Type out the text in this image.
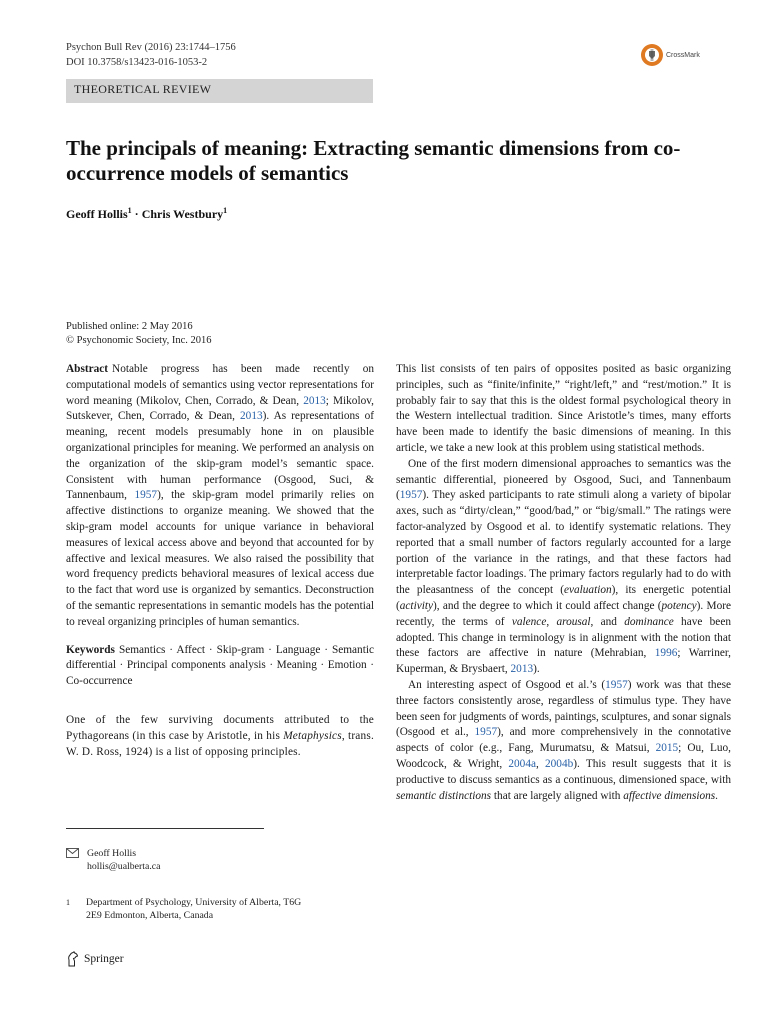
Psychon Bull Rev (2016) 23:1744–1756
DOI 10.3758/s13423-016-1053-2
CrossMark
THEORETICAL REVIEW
The principals of meaning: Extracting semantic dimensions from co-occurrence models of semantics
Geoff Hollis$^1$ · Chris Westbury$^1$
Published online: 2 May 2016
© Psychonomic Society, Inc. 2016

Abstract Notable progress has been made recently on computational models of semantics using vector representations for word meaning (Mikolov, Chen, Corrado, & Dean, 2013; Mikolov, Sutskever, Chen, Corrado, & Dean, 2013). As representations of meaning, recent models presumably hone in on plausible organizational principles for meaning. We performed an analysis on the organization of the skip-gram model’s semantic space. Consistent with human performance (Osgood, Suci, & Tannenbaum, 1957), the skip-gram model primarily relies on affective distinctions to organize meaning. We showed that the skip-gram model accounts for unique variance in behavioral measures of lexical access above and beyond that accounted for by affective and lexical measures. We also raised the possibility that word frequency predicts behavioral measures of lexical access due to the fact that word use is organized by semantics. Deconstruction of the semantic representations in semantic models has the potential to reveal organizing principles of human semantics.

Keywords Semantics · Affect · Skip-gram · Language · Semantic differential · Principal components analysis · Meaning · Emotion · Co-occurrence

One of the few surviving documents attributed to the Pythagoreans (in this case by Aristotle, in his Metaphysics, trans. W. D. Ross, 1924) is a list of opposing principles.

This list consists of ten pairs of opposites posited as basic organizing principles, such as “finite/infinite,” “right/left,” and “rest/motion.” It is probably fair to say that this is the oldest formal psychological theory in the Western intellectual tradition. Since Aristotle’s times, many efforts have been made to identify the basic dimensions of meaning. In this article, we take a new look at this problem using statistical methods.

One of the first modern dimensional approaches to semantics was the semantic differential, pioneered by Osgood, Suci, and Tannenbaum (1957). They asked participants to rate stimuli along a variety of bipolar axes, such as “dirty/clean,” “good/bad,” or “big/small.” The ratings were factor-analyzed by Osgood et al. to identify systematic relations. They reported that a small number of factors regularly accounted for a large portion of the variance in the ratings, and that these factors had interpretable factor loadings. The primary factors regularly had to do with the pleasantness of the concept (evaluation), its energetic potential (activity), and the degree to which it could affect change (potency). More recently, the terms of valence, arousal, and dominance have been adopted. This change in terminology is in alignment with the notion that these factors are affective in nature (Mehrabian, 1996; Warriner, Kuperman, & Brysbaert, 2013).

An interesting aspect of Osgood et al.’s (1957) work was that these three factors consistently arose, regardless of stimulus type. They have been seen for judgments of words, paintings, sculptures, and sonar signals (Osgood et al., 1957), and more comprehensively in the connotative aspects of color (e.g., Fang, Murumatsu, & Matsui, 2015; Ou, Luo, Woodcock, & Wright, 2004a, 2004b). This result suggests that it is productive to discuss semantics as a continuous, dimensioned space, with semantic distinctions that are largely aligned with affective dimensions.

Geoff Hollis
hollis@ualberta.ca
1	Department of Psychology, University of Alberta, T6G
2E9 Edmonton, Alberta, Canada
Springer
